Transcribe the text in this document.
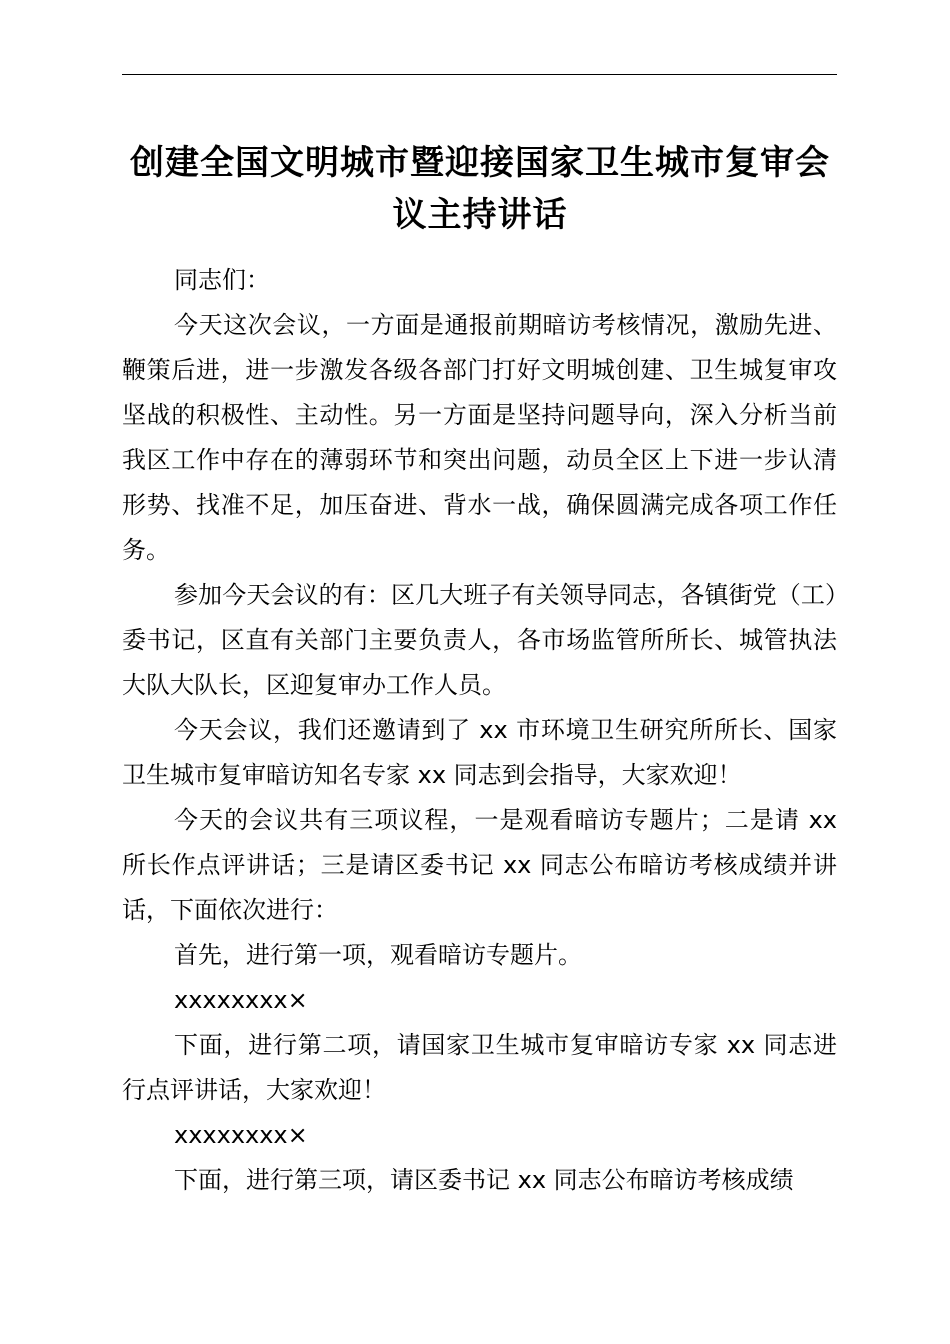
创建全国文明城市暨迎接国家卫生城市复审会
议主持讲话

同志们：

今天这次会议，一方面是通报前期暗访考核情况，激励先进、鞭策后进，进一步激发各级各部门打好文明城创建、卫生城复审攻坚战的积极性、主动性。另一方面是坚持问题导向，深入分析当前我区工作中存在的薄弱环节和突出问题，动员全区上下进一步认清形势、找准不足，加压奋进、背水一战，确保圆满完成各项工作任务。

参加今天会议的有：区几大班子有关领导同志，各镇街党（工）委书记，区直有关部门主要负责人，各市场监管所所长、城管执法大队大队长，区迎复审办工作人员。

今天会议，我们还邀请到了 xx 市环境卫生研究所所长、国家卫生城市复审暗访知名专家 xx 同志到会指导，大家欢迎！

今天的会议共有三项议程，一是观看暗访专题片；二是请 xx 所长作点评讲话；三是请区委书记 xx 同志公布暗访考核成绩并讲话，下面依次进行：

首先，进行第一项，观看暗访专题片。

xxxxxxxx×

下面，进行第二项，请国家卫生城市复审暗访专家 xx 同志进行点评讲话，大家欢迎！

xxxxxxxx×

下面，进行第三项，请区委书记 xx 同志公布暗访考核成绩
